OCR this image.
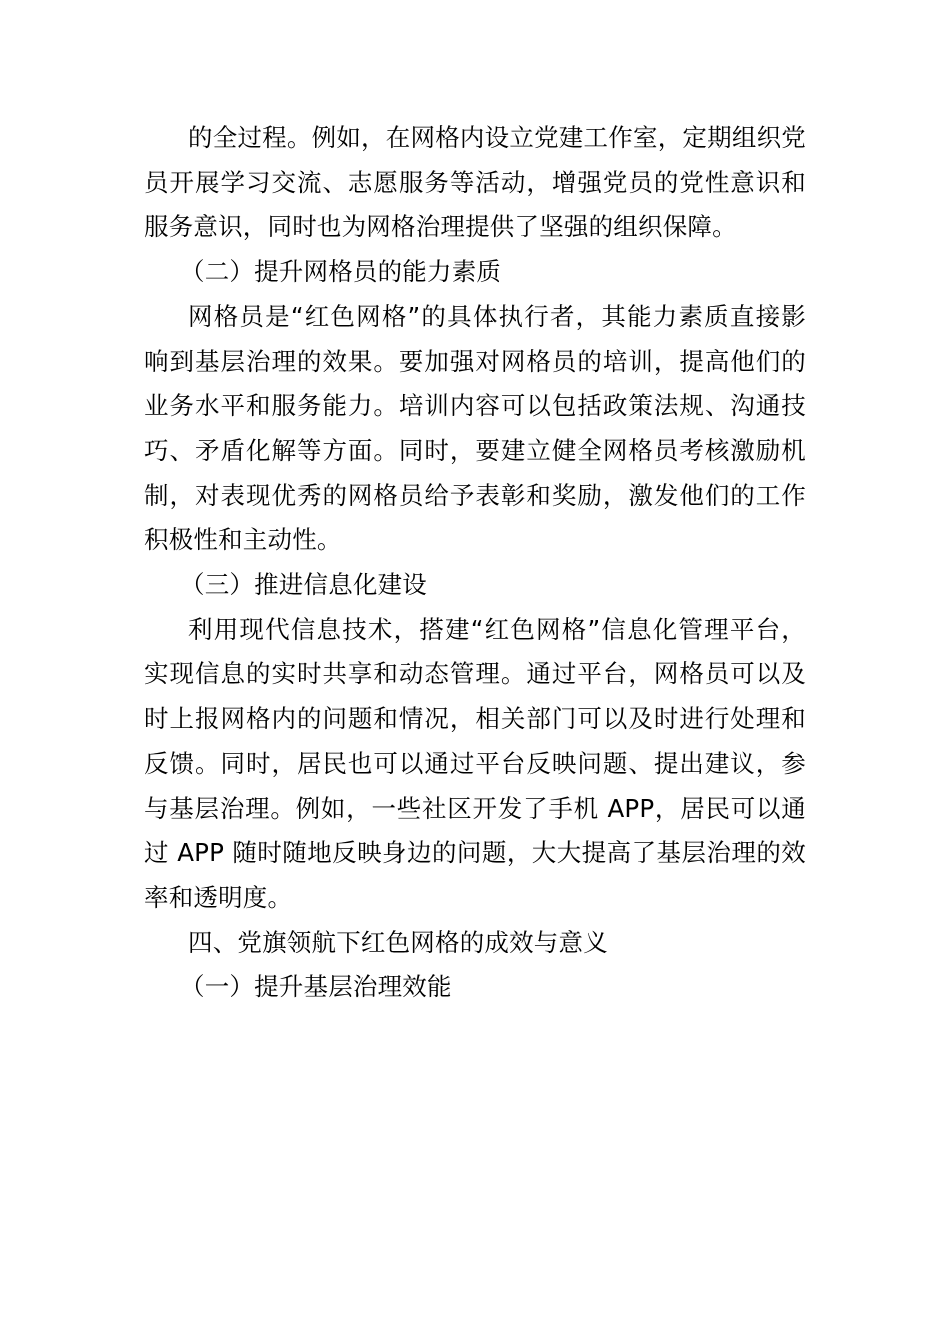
的全过程。例如，在网格内设立党建工作室，定期组织党员开展学习交流、志愿服务等活动，增强党员的党性意识和服务意识，同时也为网格治理提供了坚强的组织保障。

（二）提升网格员的能力素质

网格员是“红色网格”的具体执行者，其能力素质直接影响到基层治理的效果。要加强对网格员的培训，提高他们的业务水平和服务能力。培训内容可以包括政策法规、沟通技巧、矛盾化解等方面。同时，要建立健全网格员考核激励机制，对表现优秀的网格员给予表彰和奖励，激发他们的工作积极性和主动性。

（三）推进信息化建设

利用现代信息技术，搭建“红色网格”信息化管理平台，实现信息的实时共享和动态管理。通过平台，网格员可以及时上报网格内的问题和情况，相关部门可以及时进行处理和反馈。同时，居民也可以通过平台反映问题、提出建议，参与基层治理。例如，一些社区开发了手机 APP，居民可以通过 APP 随时随地反映身边的问题，大大提高了基层治理的效率和透明度。

四、党旗领航下红色网格的成效与意义

（一）提升基层治理效能
